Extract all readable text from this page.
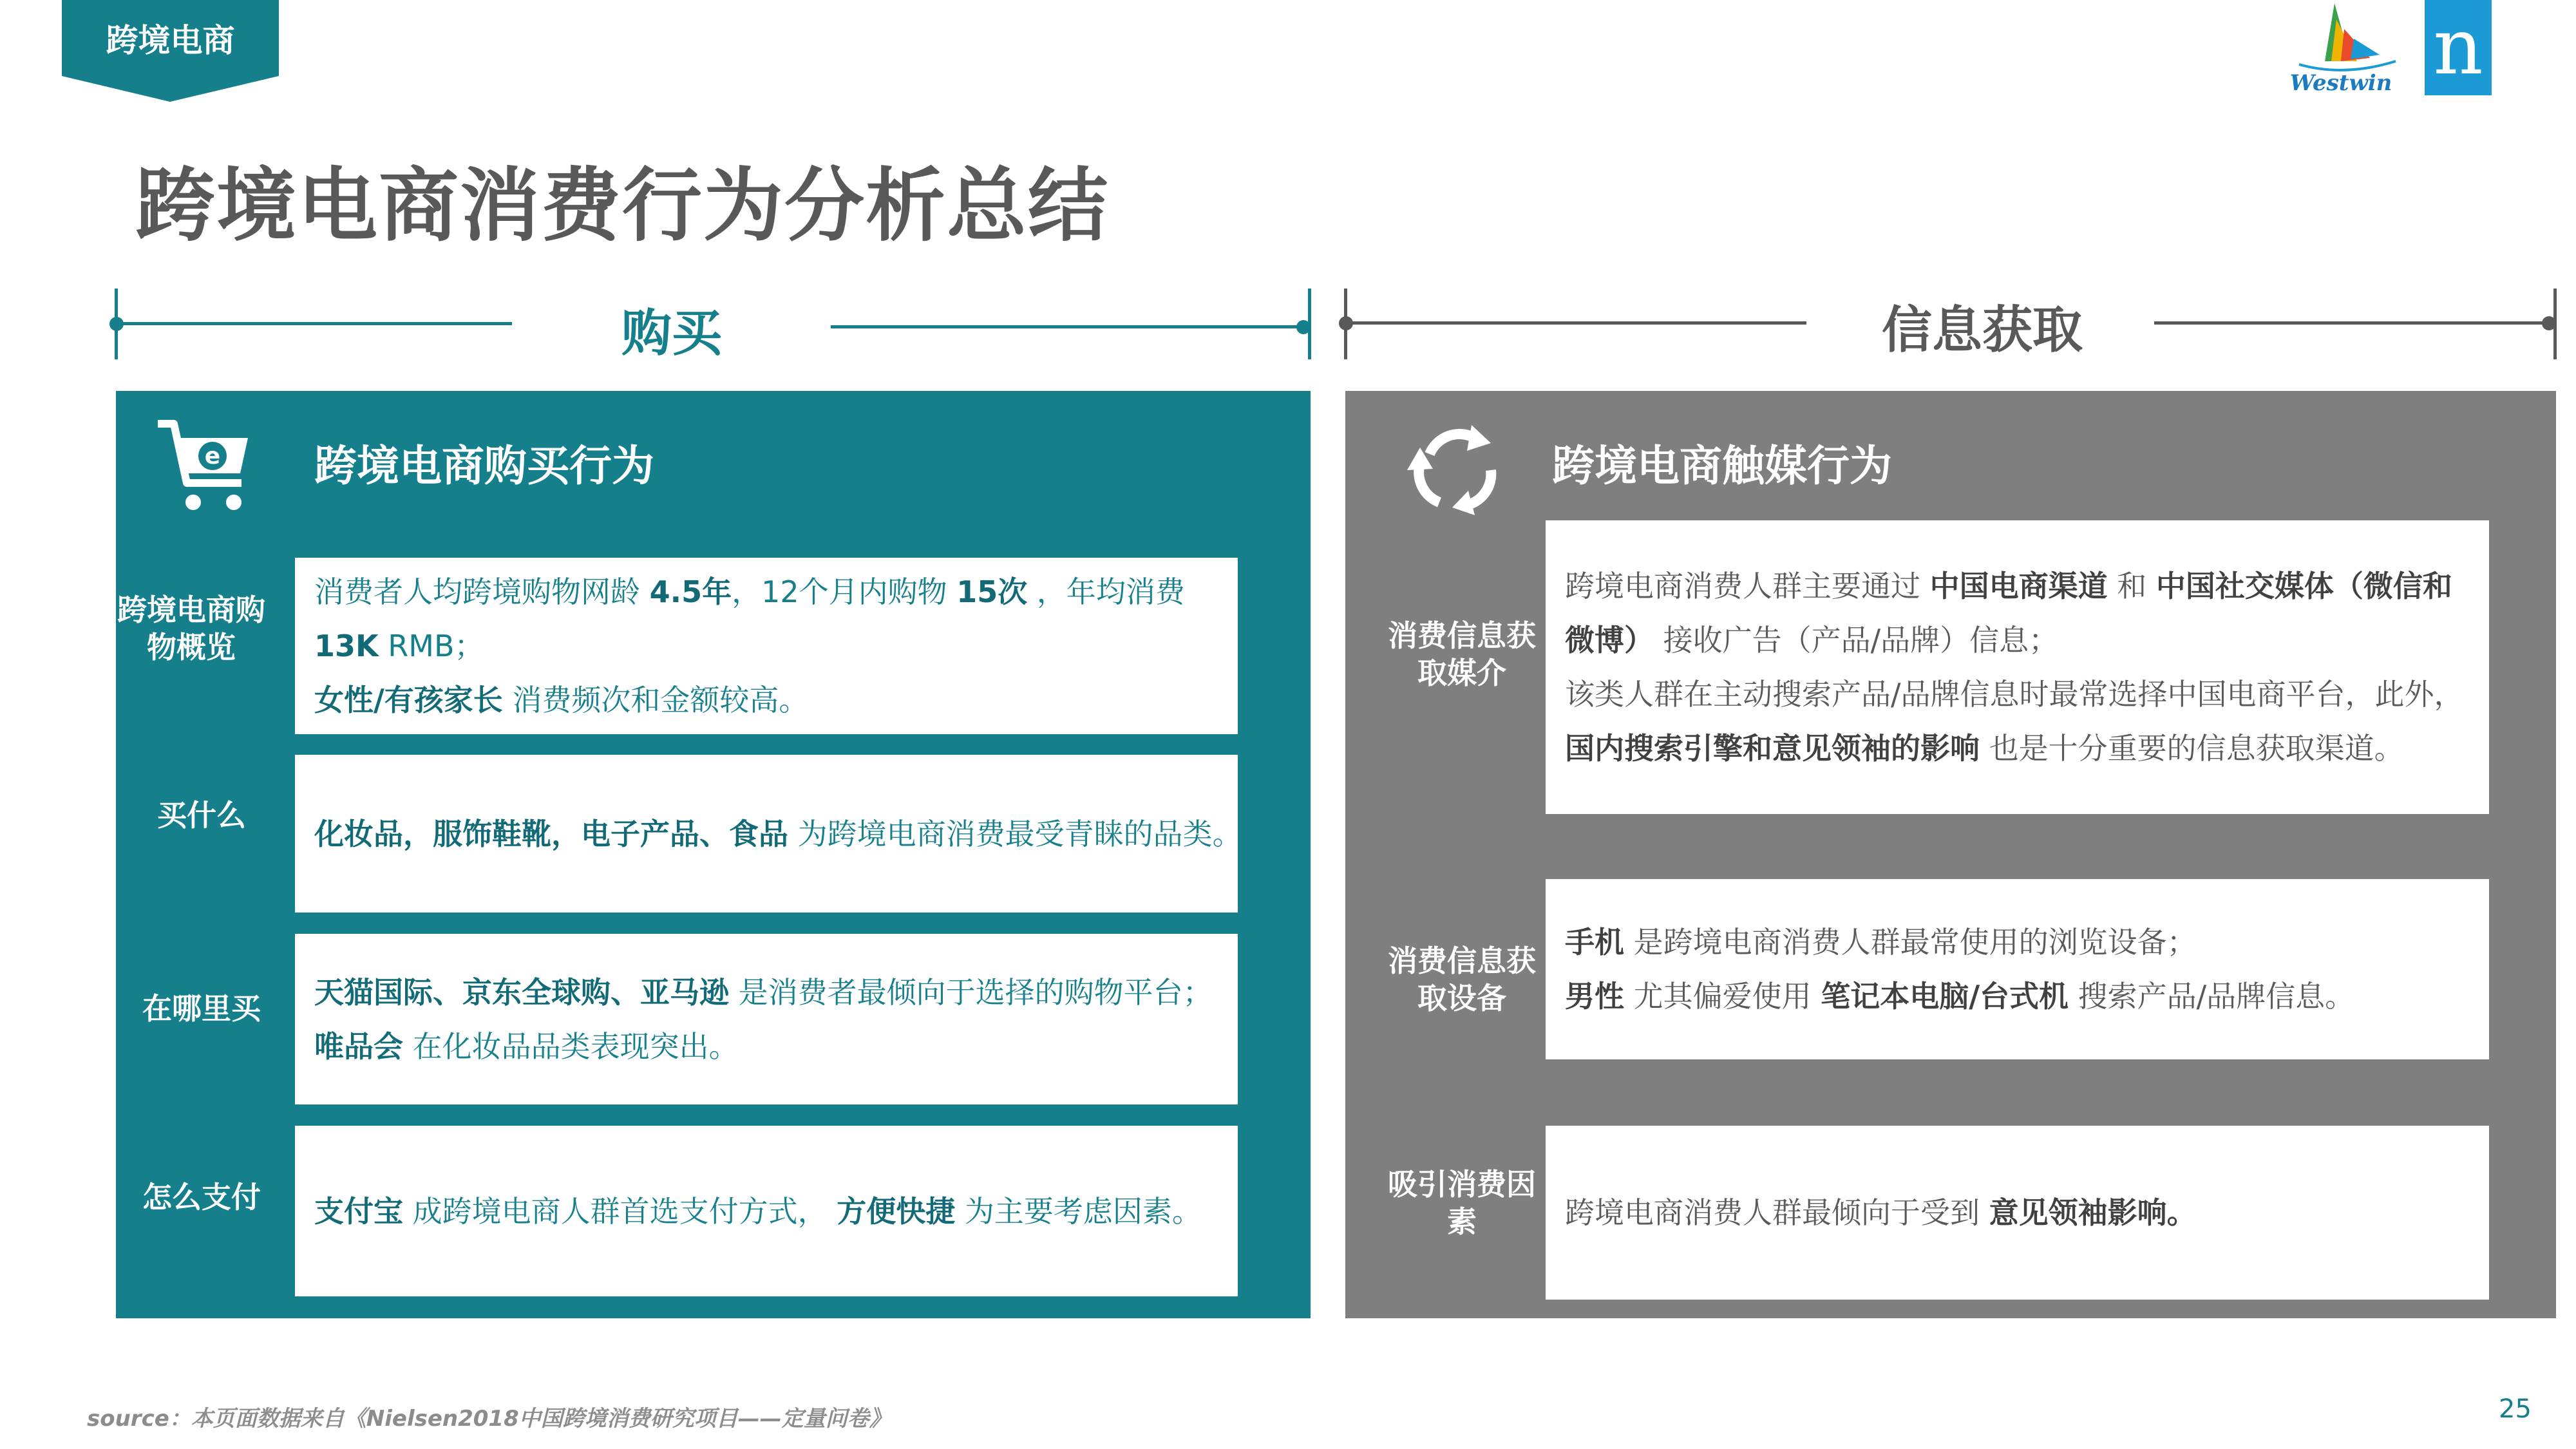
跨境电商
跨境电商消费行为分析总结
Westwin n
购买	信息获取
e 跨境电商购买行为
跨境电商购物概览
买什么
在哪里买
怎么支付
消费者人均跨境购物网龄 4.5年，12个月内购物 15次 ，年均消费
13K RMB；
女性/有孩家长 消费频次和金额较高。
化妆品，服饰鞋靴，电子产品、食品 为跨境电商消费最受青睐的品类。
天猫国际、京东全球购、亚马逊 是消费者最倾向于选择的购物平台；
唯品会 在化妆品品类表现突出。
支付宝 成跨境电商人群首选支付方式， 方便快捷 为主要考虑因素。
跨境电商触媒行为
消费信息获取媒介
消费信息获取设备
吸引消费因素
跨境电商消费人群主要通过 中国电商渠道 和 中国社交媒体（微信和
微博） 接收广告（产品/品牌）信息；
该类人群在主动搜索产品/品牌信息时最常选择中国电商平台，此外，
国内搜索引擎和意见领袖的影响 也是十分重要的信息获取渠道。
手机 是跨境电商消费人群最常使用的浏览设备；
男性 尤其偏爱使用 笔记本电脑/台式机 搜索产品/品牌信息。
跨境电商消费人群最倾向于受到 意见领袖影响。
source：本页面数据来自《Nielsen2018中国跨境消费研究项目——定量问卷》	25
